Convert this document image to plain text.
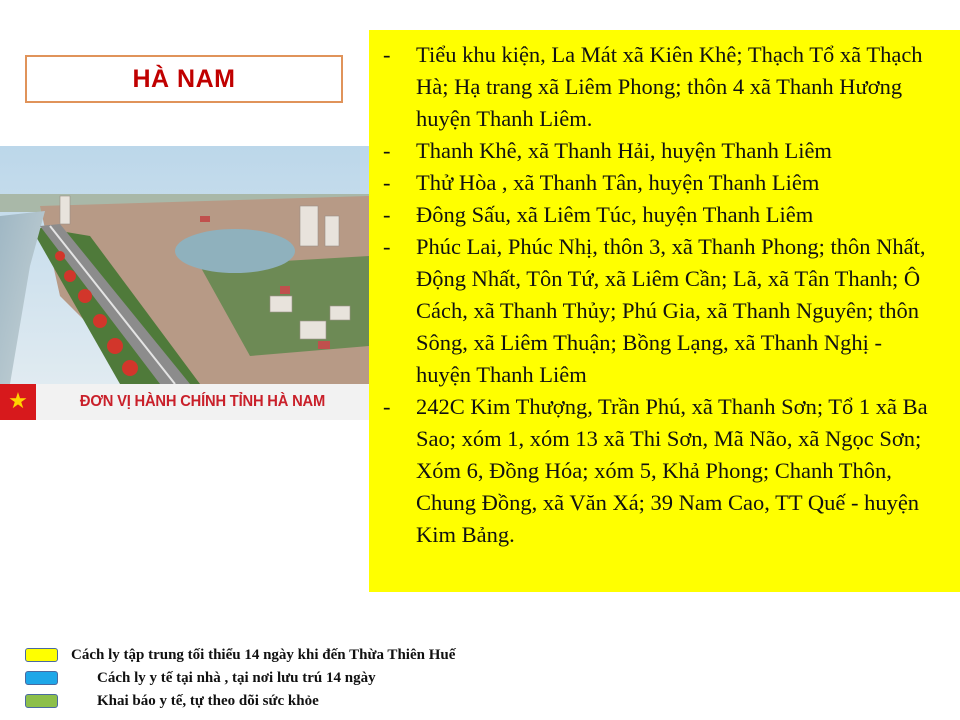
HÀ NAM
★	ĐƠN VỊ HÀNH CHÍNH TỈNH HÀ NAM
- Tiểu khu kiện, La Mát xã Kiên Khê; Thạch Tổ xã Thạch Hà; Hạ trang xã Liêm Phong; thôn 4 xã Thanh Hương huyện Thanh Liêm.
- Thanh Khê, xã Thanh Hải, huyện Thanh Liêm
- Thử Hòa , xã Thanh Tân, huyện Thanh Liêm
- Đông Sấu, xã Liêm Túc, huyện Thanh Liêm
- Phúc Lai, Phúc Nhị, thôn 3, xã Thanh Phong; thôn Nhất, Động Nhất, Tôn Tứ, xã Liêm Cần; Lã, xã Tân Thanh; Ô Cách, xã Thanh Thủy; Phú Gia, xã Thanh Nguyên; thôn Sông, xã Liêm Thuận; Bồng Lạng, xã Thanh Nghị - huyện Thanh Liêm
- 242C Kim Thượng, Trần Phú, xã Thanh Sơn; Tổ 1 xã Ba Sao; xóm 1, xóm 13 xã Thi Sơn, Mã Não, xã Ngọc Sơn; Xóm 6, Đồng Hóa; xóm 5, Khả Phong; Chanh Thôn, Chung Đồng, xã Văn Xá; 39 Nam Cao, TT Quế - huyện Kim Bảng.
Cách ly tập trung tối thiểu 14 ngày khi đến Thừa Thiên Huế
Cách ly y tế tại nhà , tại nơi lưu trú 14 ngày
Khai báo y tế, tự theo dõi sức khỏe
